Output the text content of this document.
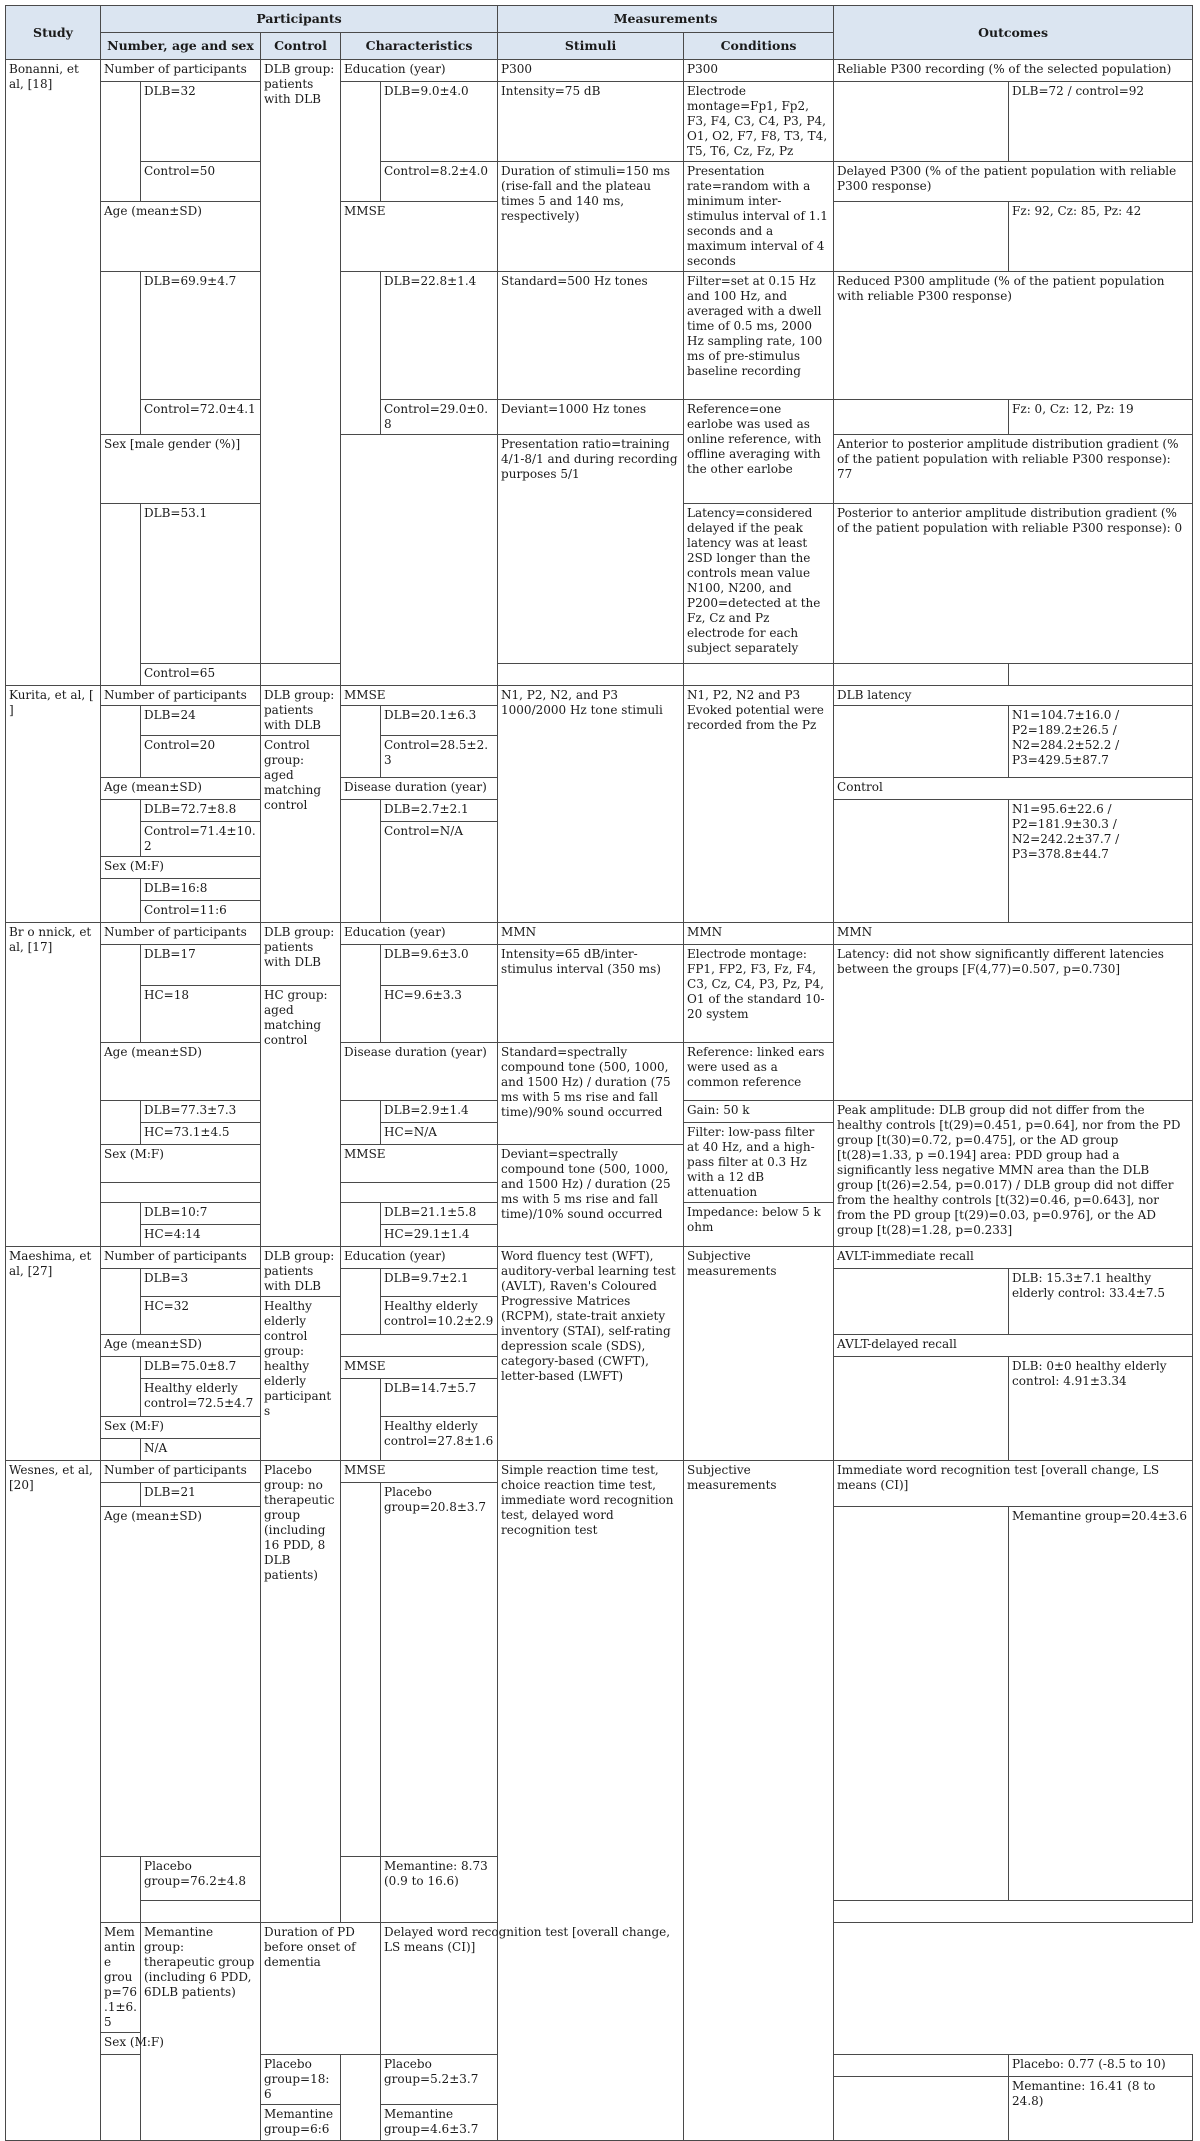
Study	Participants					Measurements		Outcomes		
	Number, age and sex		Control	Characteristics		Stimuli	Conditions			
Bonanni, et al, [18]	Number of participants		DLB group: patients with DLB	Education (year)		P300	P300	Reliable P300 recording (% of the selected population)		
		DLB=32			DLB=9.0±4.0	Intensity=75 dB	Electrode montage=Fp1, Fp2, F3, F4, C3, C4, P3, P4, O1, O2, F7, F8, T3, T4, T5, T6, Cz, Fz, Pz		DLB=72 / control=92	
		Control=50			Control=8.2±4.0	Duration of stimuli=150 ms (rise-fall and the plateau times 5 and 140 ms, respectively)	Presentation rate=random with a minimum inter-stimulus interval of 1.1 seconds and a maximum interval of 4 seconds	Delayed P300 (% of the patient population with reliable P300 response)		
	Age (mean±SD)			MMSE					Fz: 92, Cz: 85, Pz: 42	
		DLB=69.9±4.7			DLB=22.8±1.4	Standard=500 Hz tones	Filter=set at 0.15 Hz and 100 Hz, and averaged with a dwell time of 0.5 ms, 2000 Hz sampling rate, 100 ms of pre-stimulus baseline recording	Reduced P300 amplitude (% of the patient population with reliable P300 response)		
		Control=72.0±4.1			Control=29.0±0.8	Deviant=1000 Hz tones	Reference=one earlobe was used as online reference, with offline averaging with the other earlobe		Fz: 0, Cz: 12, Pz: 19	
	Sex [male gender (%)]					Presentation ratio=training 4/1-8/1 and during recording purposes 5/1		Anterior to posterior amplitude distribution gradient (% of the patient population with reliable P300 response): 77		
		DLB=53.1					Latency=considered delayed if the peak latency was at least 2SD longer than the controls mean value N100, N200, and P200=detected at the Fz, Cz and Pz electrode for each subject separately	Posterior to anterior amplitude distribution gradient (% of the patient population with reliable P300 response): 0		
		Control=65								
Kurita, et al, [ ]	Number of participants		DLB group: patients with DLB	MMSE		N1, P2, N2, and P3 1000/2000 Hz tone stimuli	N1, P2, N2 and P3 Evoked potential were recorded from the Pz	DLB latency		
		DLB=24			DLB=20.1±6.3				N1=104.7±16.0 / P2=189.2±26.5 / N2=284.2±52.2 / P3=429.5±87.7	
		Control=20	Control group: aged matching control		Control=28.5±2.3					
	Age (mean±SD)			Disease duration (year)				Control		
		DLB=72.7±8.8			DLB=2.7±2.1				N1=95.6±22.6 / P2=181.9±30.3 / N2=242.2±37.7 / P3=378.8±44.7	
		Control=71.4±10.2			Control=N/A					
	Sex (M:F)									
		DLB=16:8								
		Control=11:6								
Br o nnick, et al, [17]	Number of participants		DLB group: patients with DLB	Education (year)		MMN	MMN	MMN		
		DLB=17			DLB=9.6±3.0	Intensity=65 dB/inter-stimulus interval (350 ms)	Electrode montage: FP1, FP2, F3, Fz, F4, C3, Cz, C4, P3, Pz, P4, O1 of the standard 10-20 system	Latency: did not show significantly different latencies between the groups [F(4,77)=0.507, p=0.730]		
		HC=18	HC group: aged matching control		HC=9.6±3.3					
	Age (mean±SD)			Disease duration (year)		Standard=spectrally compound tone (500, 1000, and 1500 Hz) / duration (75 ms with 5 ms rise and fall time)/90% sound occurred	Reference: linked ears were used as a common reference			
		DLB=77.3±7.3			DLB=2.9±1.4		Gain: 50 k	Peak amplitude: DLB group did not differ from the healthy controls [t(29)=0.451, p=0.64], nor from the PD group [t(30)=0.72, p=0.475], or the AD group [t(28)=1.33, p =0.194] area: PDD group had a significantly less negative MMN area than the DLB group [t(26)=2.54, p=0.017) / DLB group did not differ from the healthy controls [t(32)=0.46, p=0.643], nor from the PD group [t(29)=0.03, p=0.976], or the AD group [t(28)=1.28, p=0.233]		
		HC=73.1±4.5			HC=N/A		Filter: low-pass filter at 40 Hz, and a high-pass filter at 0.3 Hz with a 12 dB attenuation			
	Sex (M:F)			MMSE		Deviant=spectrally compound tone (500, 1000, and 1500 Hz) / duration (25 ms with 5 ms rise and fall time)/10% sound occurred				

		DLB=10:7			DLB=21.1±5.8		Impedance: below 5 k ohm			
		HC=4:14			HC=29.1±1.4					
Maeshima, et al, [27]	Number of participants		DLB group: patients with DLB	Education (year)		Word fluency test (WFT), auditory-verbal learning test (AVLT), Raven's Coloured Progressive Matrices (RCPM), state-trait anxiety inventory (STAI), self-rating depression scale (SDS), category-based (CWFT), letter-based (LWFT)	Subjective measurements	AVLT-immediate recall		
		DLB=3			DLB=9.7±2.1				DLB: 15.3±7.1 healthy elderly control: 33.4±7.5	
		HC=32	Healthy elderly control group: healthy elderly participants		Healthy elderly control=10.2±2.9					
	Age (mean±SD)							AVLT-delayed recall		
		DLB=75.0±8.7		MMSE					DLB: 0±0 healthy elderly control: 4.91±3.34	
		Healthy elderly control=72.5±4.7			DLB=14.7±5.7					
	Sex (M:F)				Healthy elderly control=27.8±1.6					
		N/A								
Wesnes, et al, [20]	Number of participants		Placebo group: no therapeutic group (including 16 PDD, 8 DLB patients)	MMSE		Simple reaction time test, choice reaction time test, immediate word recognition test, delayed word recognition test	Subjective measurements	Immediate word recognition test [overall change, LS means (CI)]		
		DLB=21			Placebo group=20.8±3.7					
	Age (mean±SD)								Memantine group=20.4±3.6		
		Placebo group=76.2±4.8			Memantine: 8.73 (0.9 to 16.6)					

	Memantine group=76.1±6.5	Memantine group: therapeutic group (including 6 PDD, 6DLB patients)	Duration of PD before onset of dementia		Delayed word recognition test [overall change, LS means (CI)]					
	Sex (M:F)									
			Placebo group=18:6		Placebo group=5.2±3.7				Placebo: 0.77 (-8.5 to 10)	
									Memantine: 16.41 (8 to 24.8)	
			Memantine group=6:6		Memantine group=4.6±3.7					
